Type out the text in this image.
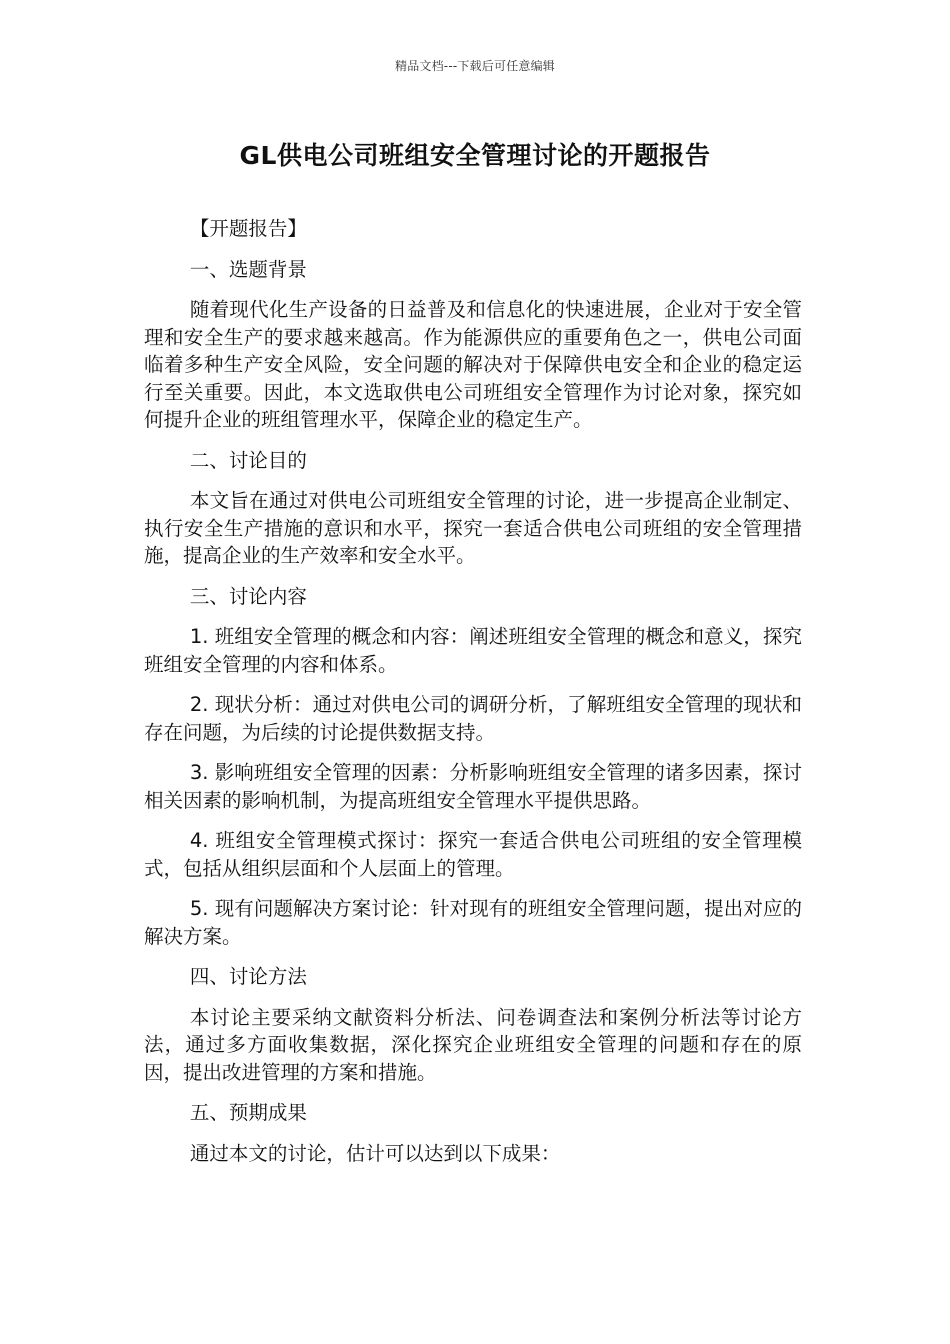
精品文档---下载后可任意编辑
GL供电公司班组安全管理讨论的开题报告

【开题报告】

一、选题背景

随着现代化生产设备的日益普及和信息化的快速进展，企业对于安全管理和安全生产的要求越来越高。作为能源供应的重要角色之一，供电公司面临着多种生产安全风险，安全问题的解决对于保障供电安全和企业的稳定运行至关重要。因此，本文选取供电公司班组安全管理作为讨论对象，探究如何提升企业的班组管理水平，保障企业的稳定生产。

二、讨论目的

本文旨在通过对供电公司班组安全管理的讨论，进一步提高企业制定、执行安全生产措施的意识和水平，探究一套适合供电公司班组的安全管理措施，提高企业的生产效率和安全水平。

三、讨论内容

1. 班组安全管理的概念和内容：阐述班组安全管理的概念和意义，探究班组安全管理的内容和体系。

2. 现状分析：通过对供电公司的调研分析，了解班组安全管理的现状和存在问题，为后续的讨论提供数据支持。

3. 影响班组安全管理的因素：分析影响班组安全管理的诸多因素，探讨相关因素的影响机制，为提高班组安全管理水平提供思路。

4. 班组安全管理模式探讨：探究一套适合供电公司班组的安全管理模式，包括从组织层面和个人层面上的管理。

5. 现有问题解决方案讨论：针对现有的班组安全管理问题，提出对应的解决方案。

四、讨论方法

本讨论主要采纳文献资料分析法、问卷调查法和案例分析法等讨论方法，通过多方面收集数据，深化探究企业班组安全管理的问题和存在的原因，提出改进管理的方案和措施。

五、预期成果

通过本文的讨论，估计可以达到以下成果：
